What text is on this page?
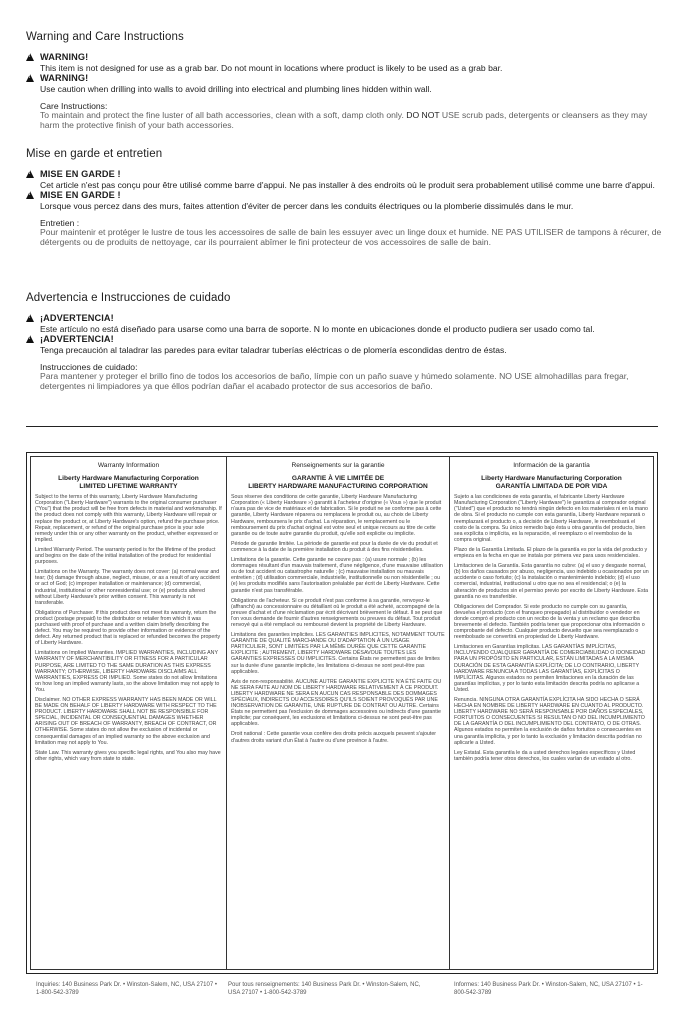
Warning and Care Instructions
!
WARNING!
This item is not designed for use as a grab bar. Do not mount in locations where product is likely to be used as a grab bar.
!
WARNING!
Use caution when drilling into walls to avoid drilling into electrical and plumbing lines hidden within wall.
Care Instructions:
To maintain and protect the fine luster of all bath accessories, clean with a soft, damp cloth only. DO NOT USE scrub pads, detergents or cleansers as they may harm the protective finish of your bath accessories.
Mise en garde et entretien
!
MISE EN GARDE !
Cet article n'est pas conçu pour être utilisé comme barre d'appui. Ne pas installer à des endroits où le produit sera probablement utilisé comme une barre d'appui.
!
MISE EN GARDE !
Lorsque vous percez dans des murs, faites attention d'éviter de percer dans les conduits électriques ou la plomberie dissimulés dans le mur.
Entretien :
Pour maintenir et protéger le lustre de tous les accessoires de salle de bain les essuyer avec un linge doux et humide. NE PAS UTILISER de tampons à récurer, de détergents ou de produits de nettoyage, car ils pourraient abîmer le fini protecteur de vos accessoires de salle de bain.
Advertencia e Instrucciones de cuidado
!
¡ADVERTENCIA!
Este artículo no está diseñado para usarse como una barra de soporte. N lo monte en ubicaciones donde el producto pudiera ser usado como tal.
!
¡ADVERTENCIA!
Tenga precaución al taladrar las paredes para evitar taladrar tuberías eléctricas o de plomería escondidas dentro de éstas.
Instrucciones de cuidado:
Para mantener y proteger el brillo fino de todos los accesorios de baño, límpie con un paño suave y húmedo solamente. NO USE almohadillas para fregar, detergentes ni limpiadores ya que éllos podrían dañar el acabado protector de sus accesorios de baño.
Warranty Information
Liberty Hardware Manufacturing Corporation
LIMITED LIFETIME WARRANTY

Subject to the terms of this warranty, Liberty Hardware Manufacturing Corporation ("Liberty Hardware") warrants to the original consumer purchaser ("You") that the product will be free from defects in material and workmanship. If the product does not comply with this warranty, Liberty Hardware will repair or replace the product or, at Liberty Hardware's option, refund the purchase price. Repair, replacement, or refund of the original purchase price is your sole remedy under this or any other warranty on the product, whether expressed or implied.

Limited Warranty Period. The warranty period is for the lifetime of the product and begins on the date of the initial installation of the product for residential purposes.

Limitations on the Warranty. The warranty does not cover: (a) normal wear and tear; (b) damage through abuse, neglect, misuse, or as a result of any accident or act of God; (c) improper installation or maintenance; (d) commercial, industrial, institutional or other nonresidential use; or (e) products altered without Liberty Hardware's prior written consent. This warranty is not transferable.

Obligations of Purchaser. If this product does not meet its warranty, return the product (postage prepaid) to the distributor or retailer from which it was purchased with proof of purchase and a written claim briefly describing the defect. You may be required to provide other information or evidence of the defect. Any returned product that is replaced or refunded becomes the property of Liberty Hardware.

Limitations on Implied Warranties. IMPLIED WARRANTIES, INCLUDING ANY WARRANTY OF MERCHANTIBILITY OR FITNESS FOR A PARTICULAR PURPOSE, ARE LIMITED TO THE SAME DURATION AS THIS EXPRESS WARRANTY; OTHERWISE, LIBERTY HARDWARE DISCLAIMS ALL WARRANTIES, EXPRESS OR IMPLIED. Some states do not allow limitations on how long an implied warranty lasts, so the above limitation may not apply to You.

Disclaimer. NO OTHER EXPRESS WARRANTY HAS BEEN MADE OR WILL BE MADE ON BEHALF OF LIBERTY HARDWARE WITH RESPECT TO THE PRODUCT. LIBERTY HARDWARE SHALL NOT BE RESPONSIBLE FOR SPECIAL, INCIDENTAL OR CONSEQUENTIAL DAMAGES WHETHER ARISING OUT OF BREACH OF WARRANTY, BREACH OF CONTRACT, OR OTHERWISE. Some states do not allow the exclusion of incidental or consequential damages of an implied warranty so the above exclusion and limitation may not apply to You.

State Law. This warranty gives you specific legal rights, and You also may have other rights, which vary from state to state.

Renseignements sur la garantie
GARANTIE À VIE LIMITÉE DE
LIBERTY HARDWARE MANUFACTURING CORPORATION

Sous réserve des conditions de cette garantie, Liberty Hardware Manufacturing Corporation (« Liberty Hardware ») garantit à l'acheteur d'origine (« Vous ») que le produit n'aura pas de vice de matériaux et de fabrication. Si le produit ne se conforme pas à cette garantie, Liberty Hardware réparera ou remplacera le produit ou, au choix de Liberty Hardware, remboursera le prix d'achat. La réparation, le remplacement ou le remboursement du prix d'achat original est votre seul et unique recours au titre de cette garantie ou de toute autre garantie du produit, qu'elle soit explicite ou implicite.

Période de garantie limitée. La période de garantie est pour la durée de vie du produit et commence à la date de la première installation du produit à des fins résidentielles.

Limitations de la garantie. Cette garantie ne couvre pas : (a) usure normale ; (b) les dommages résultant d'un mauvais traitement, d'une négligence, d'une mauvaise utilisation ou de tout accident ou catastrophe naturelle ; (c) mauvaise installation ou mauvais entretien ; (d) utilisation commerciale, industrielle, institutionnelle ou non résidentielle ; ou (e) les produits modifiés sans l'autorisation préalable par écrit de Liberty Hardware. Cette garantie n'est pas transférable.

Obligations de l'acheteur. Si ce produit n'est pas conforme à sa garantie, renvoyez-le (affranchi) au concessionnaire ou détaillant où le produit a été acheté, accompagné de la preuve d'achat et d'une réclamation par écrit décrivant brièvement le défaut. Il se peut que l'on vous demande de fournir d'autres renseignements ou preuves du défaut. Tout produit renvoyé qui a été remplacé ou remboursé devient la propriété de Liberty Hardware.

Limitations des garanties implicites. LES GARANTIES IMPLICITES, NOTAMMENT TOUTE GARANTIE DE QUALITÉ MARCHANDE OU D'ADAPTATION À UN USAGE PARTICULIER, SONT LIMITÉES PAR LA MÊME DURÉE QUE CETTE GARANTIE EXPLICITE ; AUTREMENT, LIBERTY HARDWARE DÉSAVOUE TOUTES LES GARANTIES EXPRESSES OU IMPLICITES. Certains États ne permettent pas de limites sur la durée d'une garantie implicite, les limitations ci-dessus ne sont peut-être pas applicables.

Avis de non-responsabilité. AUCUNE AUTRE GARANTIE EXPLICITE N'A ÉTÉ FAITE OU NE SERA FAITE AU NOM DE LIBERTY HARDWARE RELATIVEMENT À CE PRODUIT. LIBERTY HARDWARE NE SERA EN AUCUN CAS RESPONSABLE DES DOMMAGES SPÉCIAUX, INDIRECTS OU ACCESSOIRES QU'ILS SOIENT PROVOQUÉS PAR UNE INOBSERVATION DE GARANTIE, UNE RUPTURE DE CONTRAT OU AUTRE. Certains États ne permettent pas l'exclusion de dommages accessoires ou indirects d'une garantie implicite; par conséquent, les exclusions et limitations ci-dessus ne sont peut-être pas applicables.

Droit national : Cette garantie vous confère des droits précis auxquels peuvent s'ajouter d'autres droits variant d'un État à l'autre ou d'une province à l'autre.

Información de la garantía
Liberty Hardware Manufacturing Corporation
GARANTÍA LIMITADA DE POR VIDA

Sujeto a las condiciones de esta garantía, el fabricante Liberty Hardware Manufacturing Corporation ("Liberty Hardware") le garantiza al comprador original ("Usted") que el producto no tendrá ningún defecto en los materiales ni en la mano de obra. Si el producto no cumple con esta garantía, Liberty Hardware reparará o reemplazará el producto o, a decisión de Liberty Hardware, le reembolsará el costo de la compra. Su único remedio bajo ésta u otra garantía del producto, bien sea explícita o implícita, es la reparación, el reemplazo o el reembolso de la compra original.

Plazo de la Garantía Limitada. El plazo de la garantía es por la vida del producto y empieza en la fecha en que se instala por primera vez para usos residenciales.

Limitaciones de la Garantía. Esta garantía no cubre: (a) el uso y desgaste normal, (b) los daños causados por abuso, negligencia, uso indebido u ocasionados por un accidente o caso fortuito; (c) la instalación o mantenimiento indebido; (d) el uso comercial, industrial, institucional u otro que no sea el residencial; o (e) la alteración de productos sin el permiso previo por escrito de Liberty Hardware. Esta garantía no es transferible.

Obligaciones del Comprador. Si este producto no cumple con su garantía, devuelva el producto (con el franqueo prepagado) al distribuidor o vendedor en donde compró el producto con un recibo de la venta y un reclamo que describa brevemente el defecto. También podría tener que proporcionar otra información o comprobante del defecto. Cualquier producto devuelto que sea reemplazado o reembolsado se convertirá en propiedad de Liberty Hardware.

Limitaciones en Garantías implícitas. LAS GARANTÍAS IMPLÍCITAS, INCLUYENDO CUALQUIER GARANTÍA DE COMERCIABILIDAD O IDONEIDAD PARA UN PROPÓSITO EN PARTICULAR, ESTÁN LIMITADAS A LA MISMA DURACIÓN DE ESTA GARANTÍA EXPLÍCITA; DE LO CONTRARIO, LIBERTY HARDWARE RENUNCIA A TODAS LAS GARANTÍAS, EXPLÍCITAS O IMPLÍCITAS. Algunos estados no permiten limitaciones en la duración de las garantías implícitas, y por lo tanto esta limitación descrita podría no aplicarse a Usted.

Renuncia. NINGUNA OTRA GARANTÍA EXPLÍCITA HA SIDO HECHA O SERÁ HECHA EN NOMBRE DE LIBERTY HARDWARE EN CUANTO AL PRODUCTO. LIBERTY HARDWARE NO SERÁ RESPONSABLE POR DAÑOS ESPECIALES, FORTUITOS O CONSECUENTES SI RESULTAN O NO DEL INCUMPLIMIENTO DE LA GARANTÍA O DEL INCUMPLIMIENTO DEL CONTRATO, O DE OTRAS. Algunos estados no permiten la exclusión de daños fortuitos o consecuentes en una garantía implícita, y por lo tanto la exclusión y limitación descrita podrían no aplicarle a Usted.

Ley Estatal. Esta garantía le da a usted derechos legales específicos y Usted también podría tener otros derechos, los cuales varían de un estado al otro.

Inquiries: 140 Business Park Dr. • Winston-Salem, NC, USA 27107 • 1-800-542-3789
Pour tous renseignements: 140 Business Park Dr. • Winston-Salem, NC, USA 27107 • 1-800-542-3789
Informes: 140 Business Park Dr. • Winston-Salem, NC, USA 27107 • 1-800-542-3789
